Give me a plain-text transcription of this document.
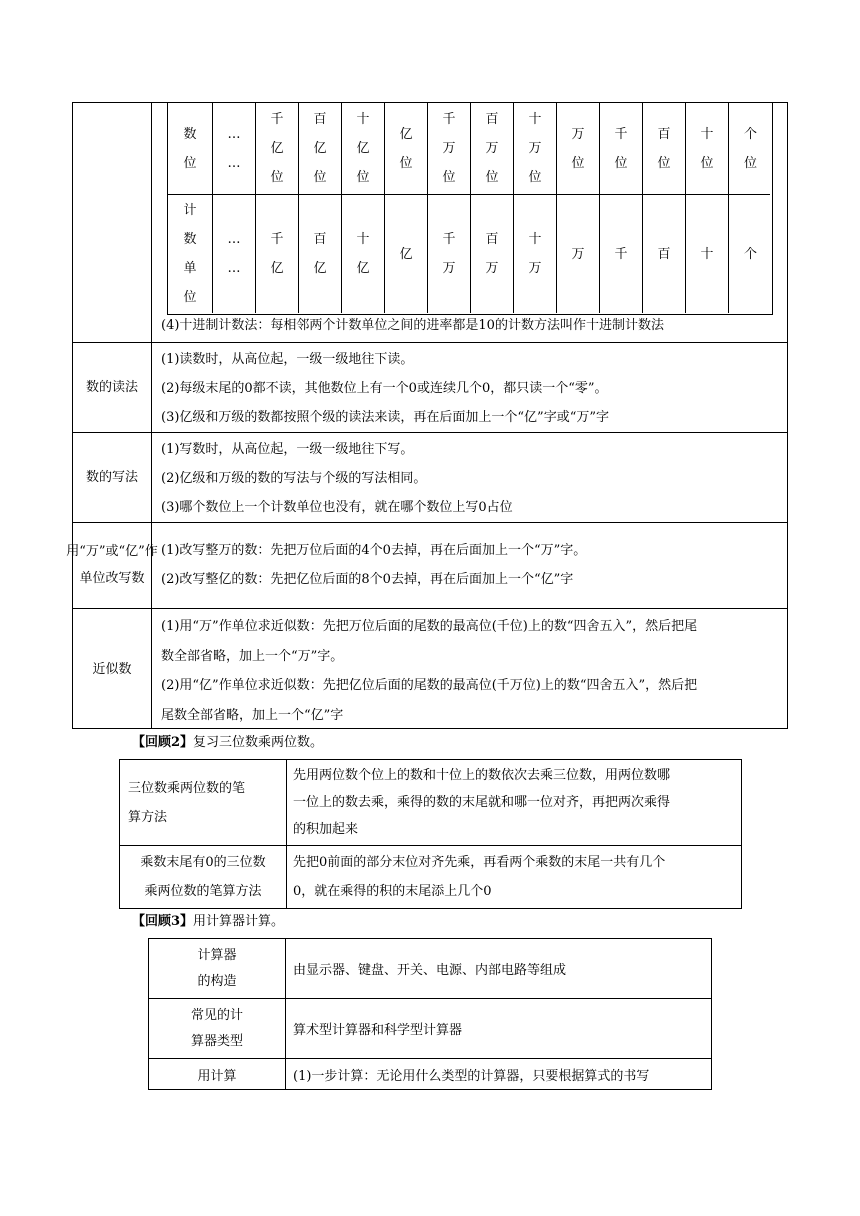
数位
…
…
千亿位
百亿位
十亿位
亿位
千万位
百万位
十万位
万位
千位
百位
十位
个位
计数单位
…
…
千亿
百亿
十亿
亿
千万
百万
十万
万 千 百 十 个
(4)十进制计数法：每相邻两个计数单位之间的进率都是10的计数方法叫作十进制计数法
数的读法
(1)读数时，从高位起，一级一级地往下读。
(2)每级末尾的0都不读，其他数位上有一个0或连续几个0，都只读一个“零”。
(3)亿级和万级的数都按照个级的读法来读，再在后面加上一个“亿”字或“万”字
数的写法
(1)写数时，从高位起，一级一级地往下写。
(2)亿级和万级的数的写法与个级的写法相同。
(3)哪个数位上一个计数单位也没有，就在哪个数位上写0占位
用“万”或“亿”作单位改写数
(1)改写整万的数：先把万位后面的4个0去掉，再在后面加上一个“万”字。
(2)改写整亿的数：先把亿位后面的8个0去掉，再在后面加上一个“亿”字
近似数
(1)用“万”作单位求近似数：先把万位后面的尾数的最高位(千位)上的数“四舍五入”，然后把尾
数全部省略，加上一个“万”字。
(2)用“亿”作单位求近似数：先把亿位后面的尾数的最高位(千万位)上的数“四舍五入”，然后把
尾数全部省略，加上一个“亿”字
【回顾2】复习三位数乘两位数。
三位数乘两位数的笔
算方法
先用两位数个位上的数和十位上的数依次去乘三位数，用两位数哪
一位上的数去乘，乘得的数的末尾就和哪一位对齐，再把两次乘得
的积加起来
乘数末尾有0的三位数
乘两位数的笔算方法
先把0前面的部分末位对齐先乘，再看两个乘数的末尾一共有几个
0，就在乘得的积的末尾添上几个0
【回顾3】用计算器计算。
计算器
的构造
由显示器、键盘、开关、电源、内部电路等组成
常见的计
算器类型
算术型计算器和科学型计算器
用计算	(1)一步计算：无论用什么类型的计算器，只要根据算式的书写
